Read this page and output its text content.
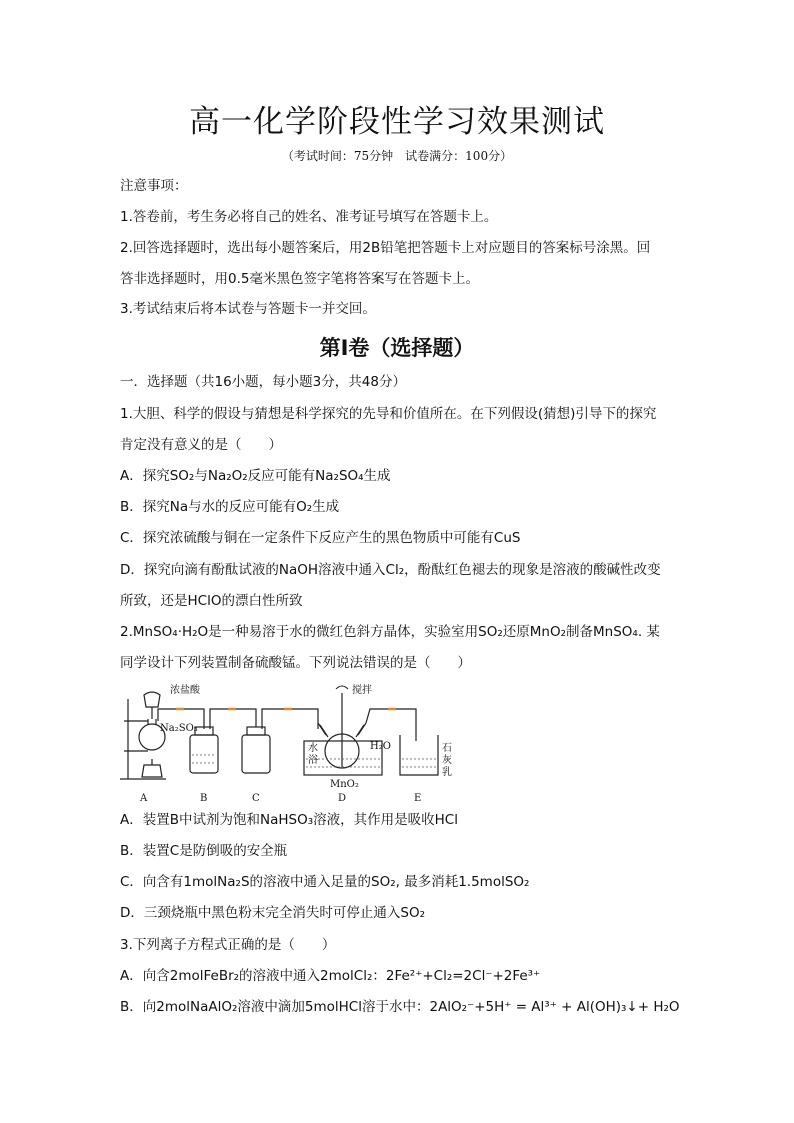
高一化学阶段性学习效果测试
（考试时间：75分钟　试卷满分：100分）
注意事项：
1.答卷前，考生务必将自己的姓名、准考证号填写在答题卡上。
2.回答选择题时，选出每小题答案后，用2B铅笔把答题卡上对应题目的答案标号涂黑。回
答非选择题时，用0.5毫米黑色签字笔将答案写在答题卡上。
3.考试结束后将本试卷与答题卡一并交回。
第I卷（选择题）
一．选择题（共16小题，每小题3分，共48分）
1.大胆、科学的假设与猜想是科学探究的先导和价值所在。在下列假设(猜想)引导下的探究
肯定没有意义的是（　　）
A．探究SO₂与Na₂O₂反应可能有Na₂SO₄生成
B．探究Na与水的反应可能有O₂生成
C．探究浓硫酸与铜在一定条件下反应产生的黑色物质中可能有CuS
D．探究向滴有酚酞试液的NaOH溶液中通入Cl₂，酚酞红色褪去的现象是溶液的酸碱性改变
所致，还是HClO的漂白性所致
2.MnSO₄·H₂O是一种易溶于水的微红色斜方晶体，实验室用SO₂还原MnO₂制备MnSO₄. 某
同学设计下列装置制备硫酸锰。下列说法错误的是（　　）
浓盐酸
Na₂SO₃
搅拌
水
浴
H₂O
MnO₂
石
灰
乳
A	B	C	D	E
A．装置B中试剂为饱和NaHSO₃溶液，其作用是吸收HCl
B．装置C是防倒吸的安全瓶
C．向含有1molNa₂S的溶液中通入足量的SO₂, 最多消耗1.5molSO₂
D．三颈烧瓶中黑色粉末完全消失时可停止通入SO₂
3.下列离子方程式正确的是（　　）
A．向含2molFeBr₂的溶液中通入2molCl₂：2Fe²⁺+Cl₂=2Cl⁻+2Fe³⁺
B．向2molNaAlO₂溶液中滴加5molHCl溶于水中：2AlO₂⁻+5H⁺ = Al³⁺ + Al(OH)₃↓+ H₂O
